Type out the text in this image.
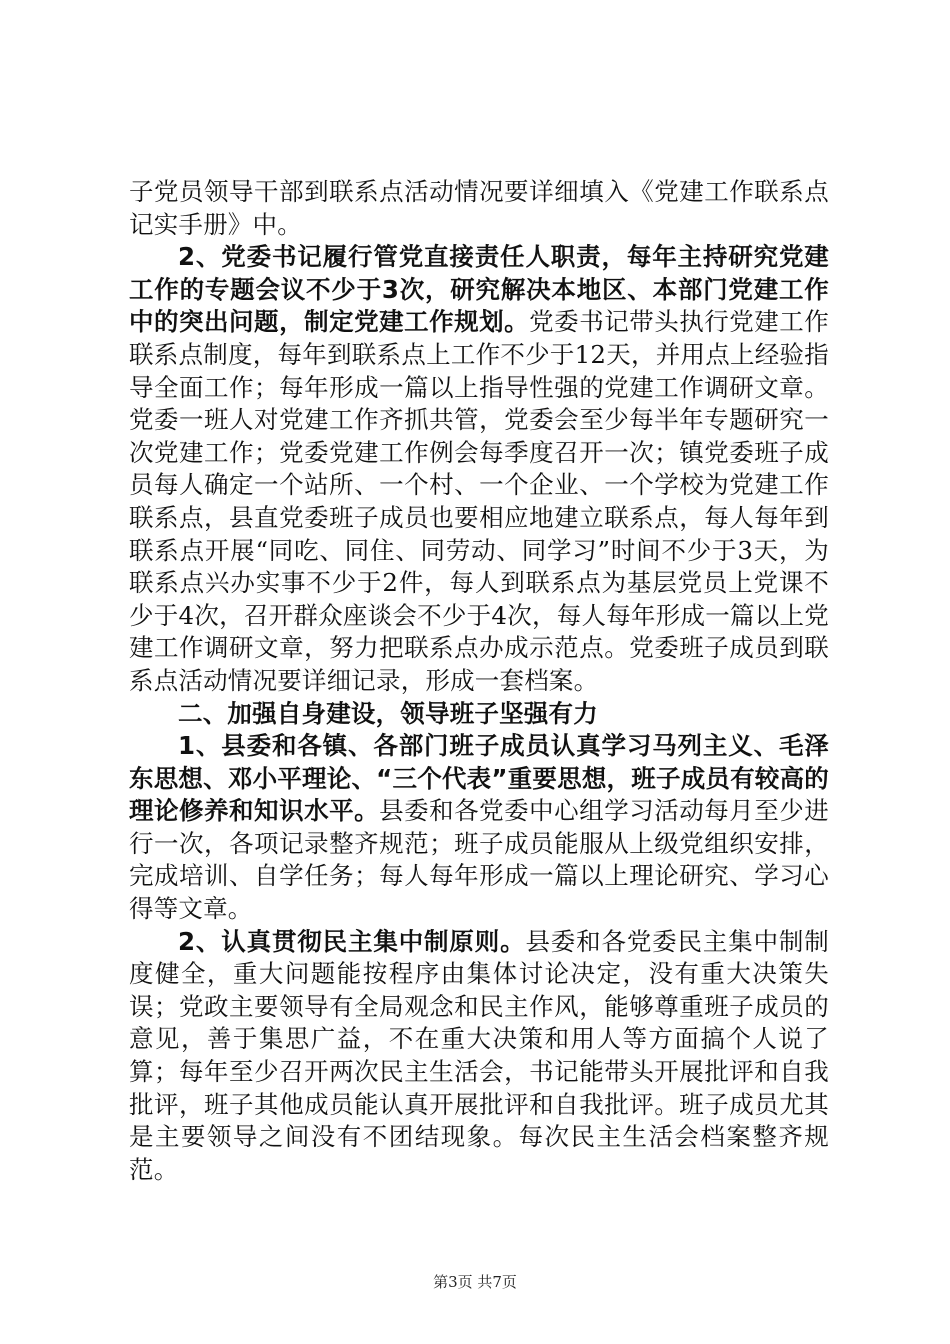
子党员领导干部到联系点活动情况要详细填入《党建工作联系点记实手册》中。

2、党委书记履行管党直接责任人职责，每年主持研究党建工作的专题会议不少于3次，研究解决本地区、本部门党建工作中的突出问题，制定党建工作规划。党委书记带头执行党建工作联系点制度，每年到联系点上工作不少于12天，并用点上经验指导全面工作；每年形成一篇以上指导性强的党建工作调研文章。党委一班人对党建工作齐抓共管，党委会至少每半年专题研究一次党建工作；党委党建工作例会每季度召开一次；镇党委班子成员每人确定一个站所、一个村、一个企业、一个学校为党建工作联系点，县直党委班子成员也要相应地建立联系点，每人每年到联系点开展“同吃、同住、同劳动、同学习”时间不少于3天，为联系点兴办实事不少于2件，每人到联系点为基层党员上党课不少于4次，召开群众座谈会不少于4次，每人每年形成一篇以上党建工作调研文章，努力把联系点办成示范点。党委班子成员到联系点活动情况要详细记录，形成一套档案。

二、加强自身建设，领导班子坚强有力

1、县委和各镇、各部门班子成员认真学习马列主义、毛泽东思想、邓小平理论、“三个代表”重要思想，班子成员有较高的理论修养和知识水平。县委和各党委中心组学习活动每月至少进行一次，各项记录整齐规范；班子成员能服从上级党组织安排，完成培训、自学任务；每人每年形成一篇以上理论研究、学习心得等文章。

2、认真贯彻民主集中制原则。县委和各党委民主集中制制度健全，重大问题能按程序由集体讨论决定，没有重大决策失误；党政主要领导有全局观念和民主作风，能够尊重班子成员的意见，善于集思广益，不在重大决策和用人等方面搞个人说了算；每年至少召开两次民主生活会，书记能带头开展批评和自我批评，班子其他成员能认真开展批评和自我批评。班子成员尤其是主要领导之间没有不团结现象。每次民主生活会档案整齐规范。

第3页 共7页
